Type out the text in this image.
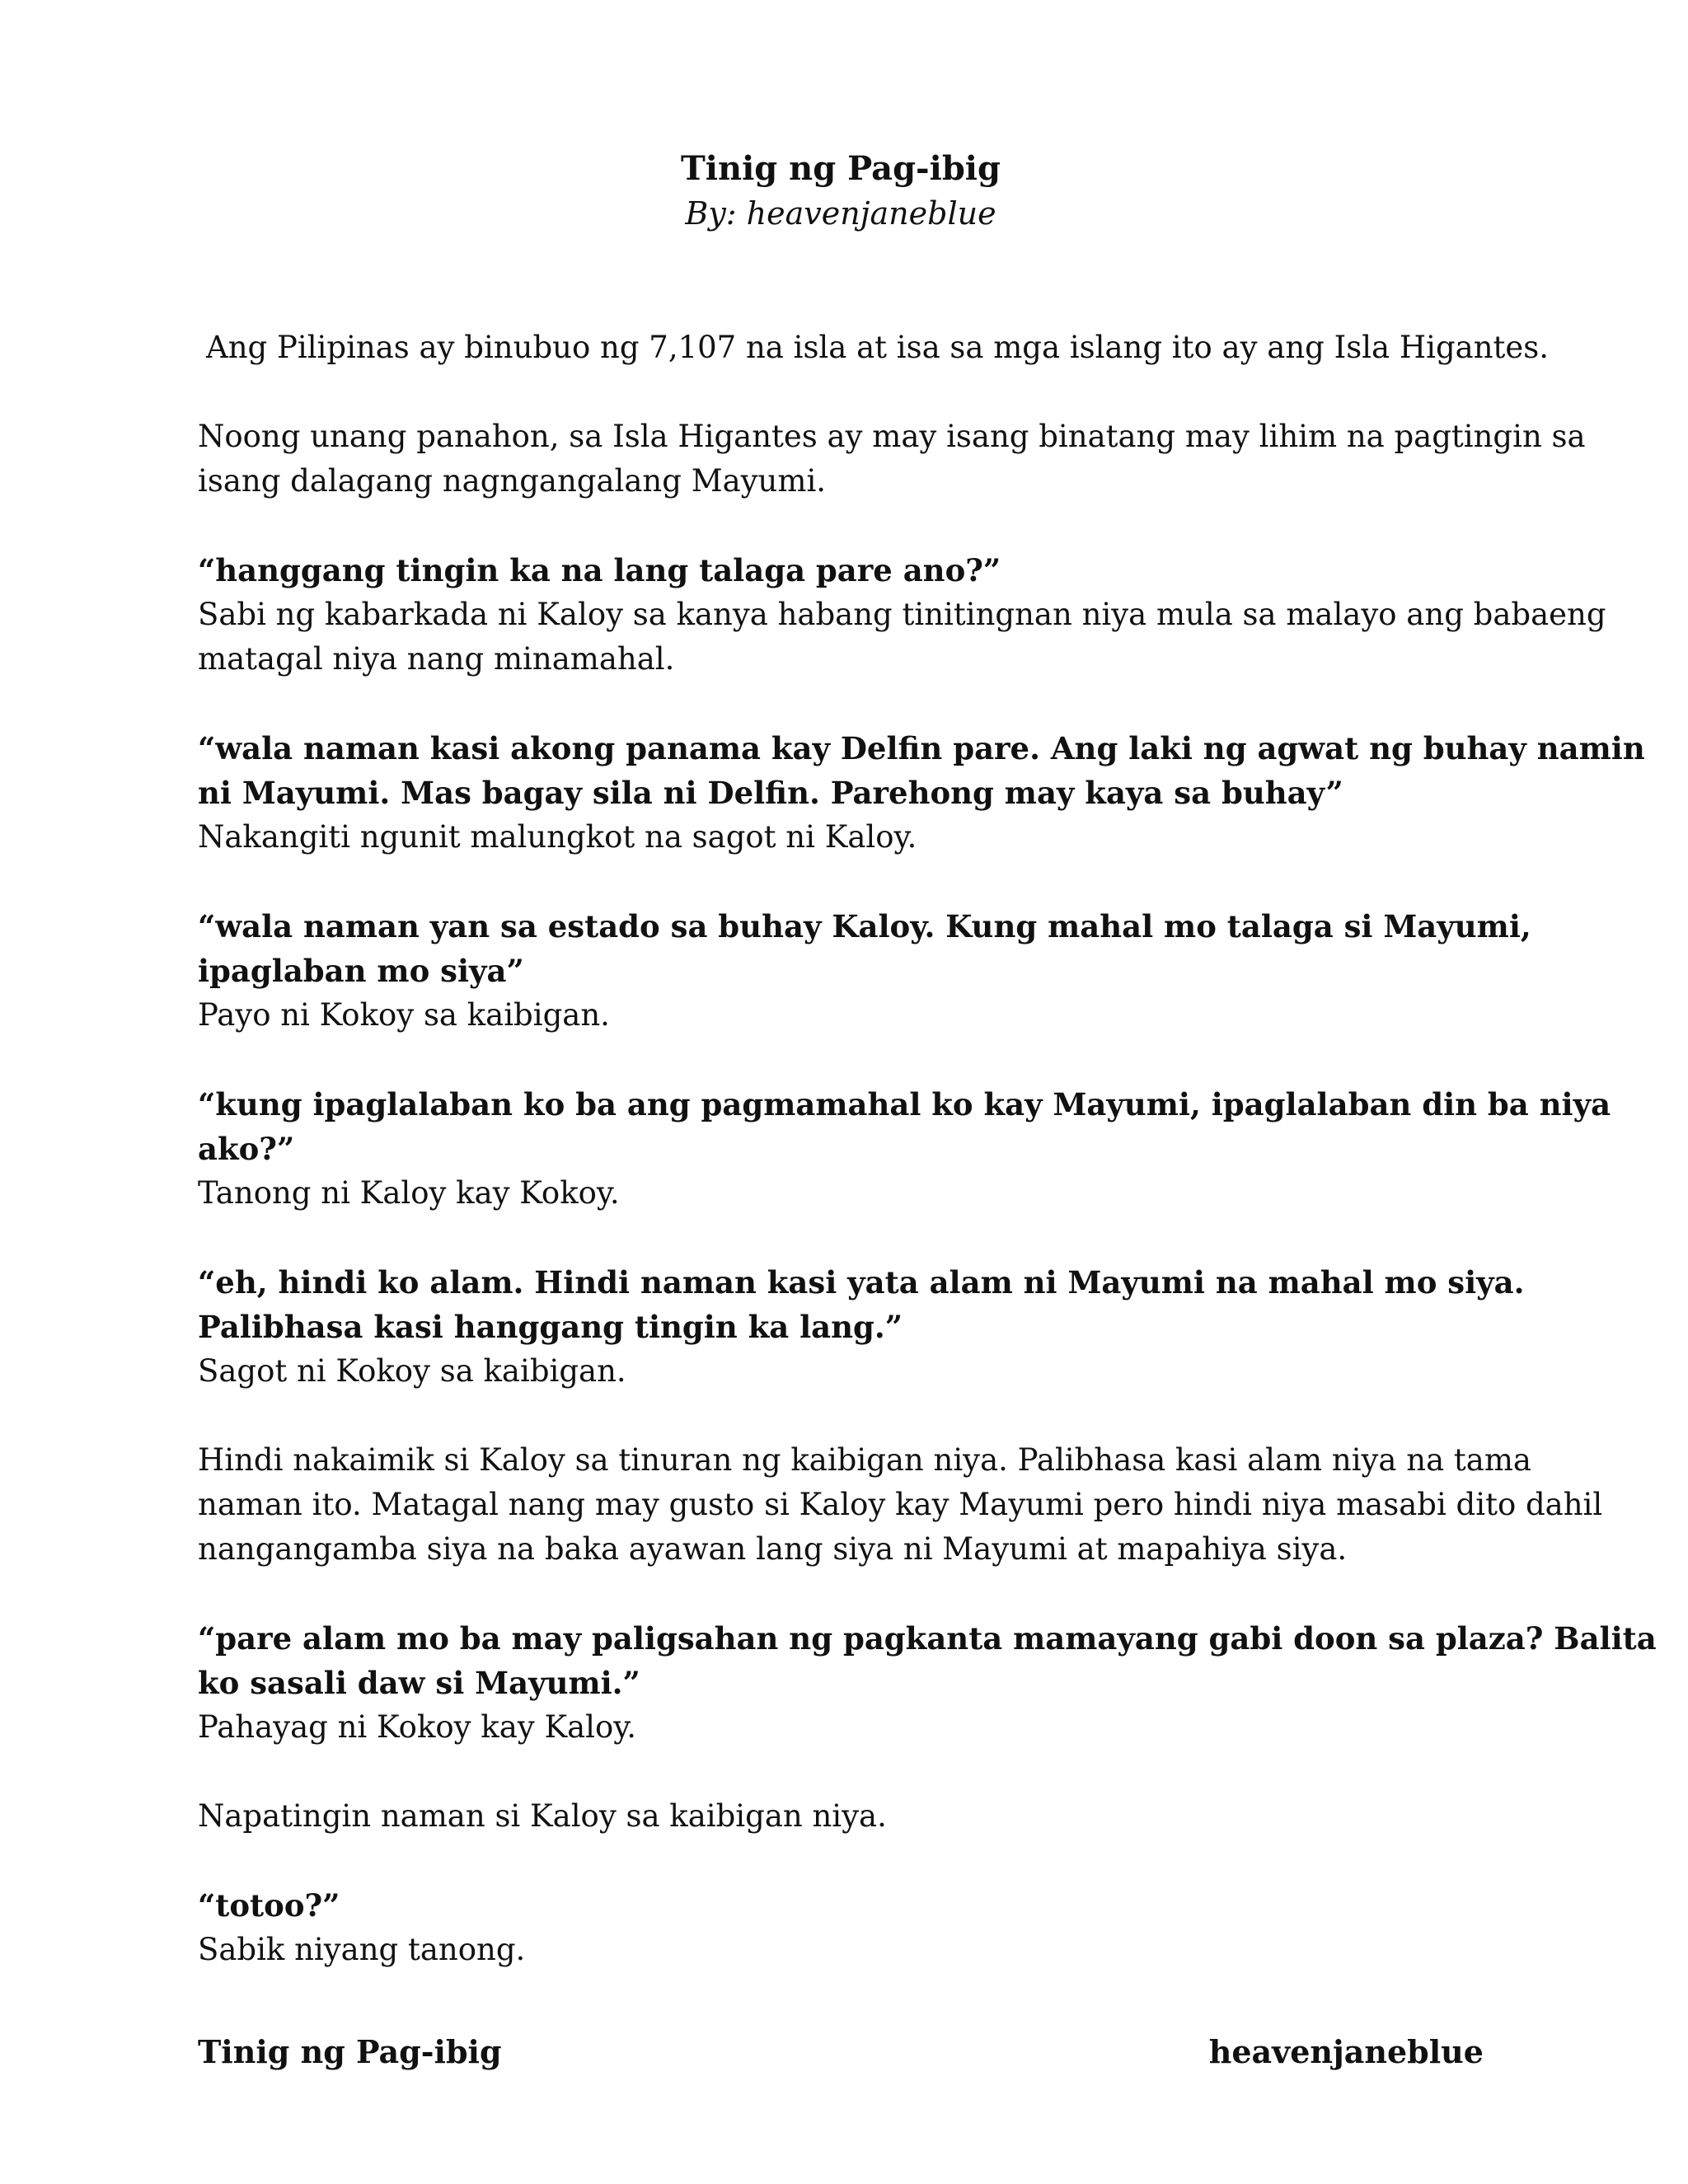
Tinig ng Pag-ibig
By: heavenjaneblue

Ang Pilipinas ay binubuo ng 7,107 na isla at isa sa mga islang ito ay ang Isla Higantes.

Noong unang panahon, sa Isla Higantes ay may isang binatang may lihim na pagtingin sa
isang dalagang nagngangalang Mayumi.

“hanggang tingin ka na lang talaga pare ano?”
Sabi ng kabarkada ni Kaloy sa kanya habang tinitingnan niya mula sa malayo ang babaeng
matagal niya nang minamahal.

“wala naman kasi akong panama kay Delfin pare. Ang laki ng agwat ng buhay namin
ni Mayumi. Mas bagay sila ni Delfin. Parehong may kaya sa buhay”
Nakangiti ngunit malungkot na sagot ni Kaloy.

“wala naman yan sa estado sa buhay Kaloy. Kung mahal mo talaga si Mayumi,
ipaglaban mo siya”
Payo ni Kokoy sa kaibigan.

“kung ipaglalaban ko ba ang pagmamahal ko kay Mayumi, ipaglalaban din ba niya
ako?”
Tanong ni Kaloy kay Kokoy.

“eh, hindi ko alam. Hindi naman kasi yata alam ni Mayumi na mahal mo siya.
Palibhasa kasi hanggang tingin ka lang.”
Sagot ni Kokoy sa kaibigan.

Hindi nakaimik si Kaloy sa tinuran ng kaibigan niya. Palibhasa kasi alam niya na tama
naman ito. Matagal nang may gusto si Kaloy kay Mayumi pero hindi niya masabi dito dahil
nangangamba siya na baka ayawan lang siya ni Mayumi at mapahiya siya.

“pare alam mo ba may paligsahan ng pagkanta mamayang gabi doon sa plaza? Balita
ko sasali daw si Mayumi.”
Pahayag ni Kokoy kay Kaloy.

Napatingin naman si Kaloy sa kaibigan niya.

“totoo?”
Sabik niyang tanong.

Tinig ng Pag-ibig	heavenjaneblue
